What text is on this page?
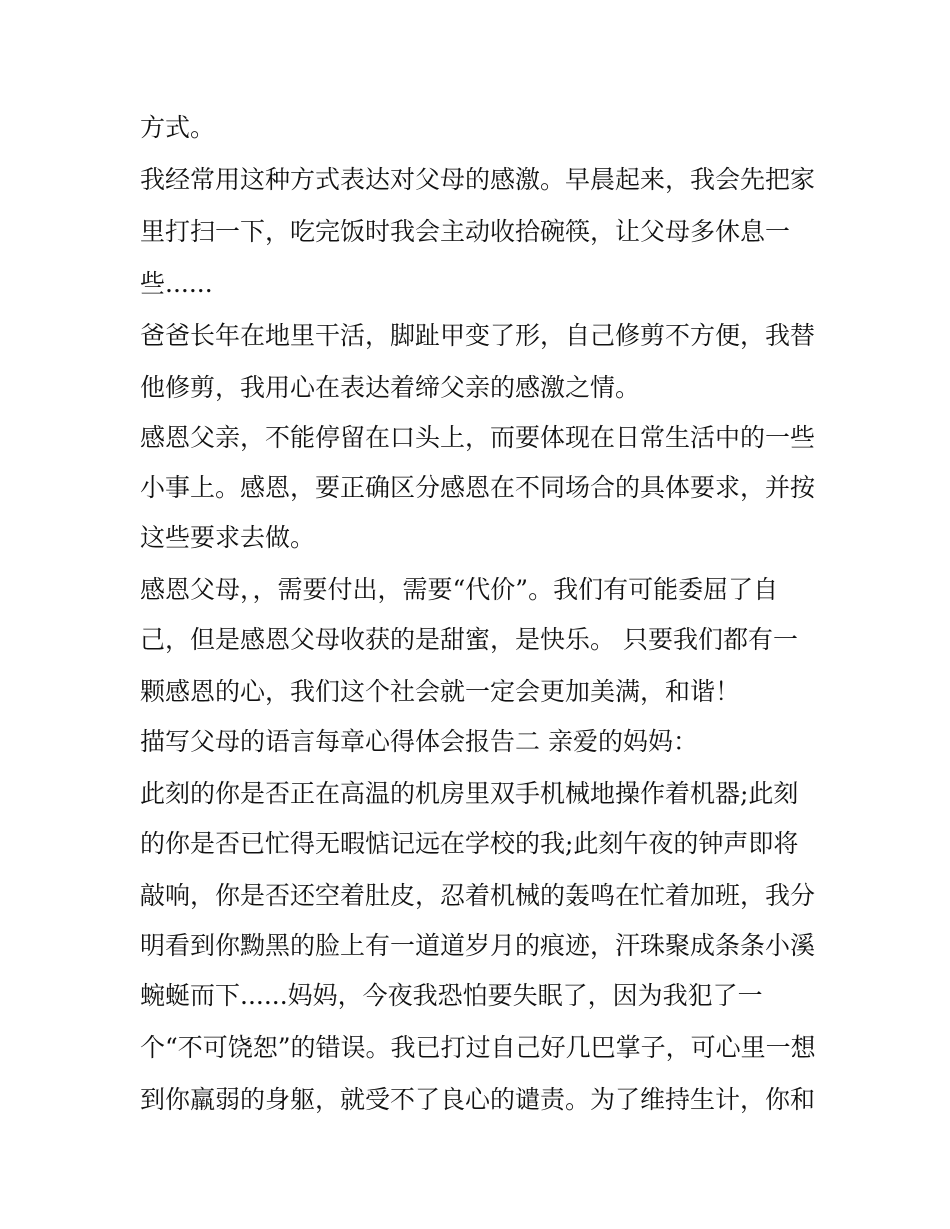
方式。
我经常用这种方式表达对父母的感激。早晨起来，我会先把家
里打扫一下，吃完饭时我会主动收拾碗筷，让父母多休息一
些......
爸爸长年在地里干活，脚趾甲变了形，自己修剪不方便，我替
他修剪，我用心在表达着缔父亲的感激之情。
感恩父亲，不能停留在口头上，而要体现在日常生活中的一些
小事上。感恩，要正确区分感恩在不同场合的具体要求，并按
这些要求去做。
感恩父母，，需要付出，需要“代价”。我们有可能委屈了自
己，但是感恩父母收获的是甜蜜，是快乐。 只要我们都有一
颗感恩的心，我们这个社会就一定会更加美满，和谐！
描写父母的语言每章心得体会报告二 亲爱的妈妈：
此刻的你是否正在高温的机房里双手机械地操作着机器;此刻
的你是否已忙得无暇惦记远在学校的我;此刻午夜的钟声即将
敲响，你是否还空着肚皮，忍着机械的轰鸣在忙着加班，我分
明看到你黝黑的脸上有一道道岁月的痕迹，汗珠聚成条条小溪
蜿蜒而下......妈妈，今夜我恐怕要失眠了，因为我犯了一
个“不可饶恕”的错误。我已打过自己好几巴掌子，可心里一想
到你羸弱的身躯，就受不了良心的谴责。为了维持生计，你和
